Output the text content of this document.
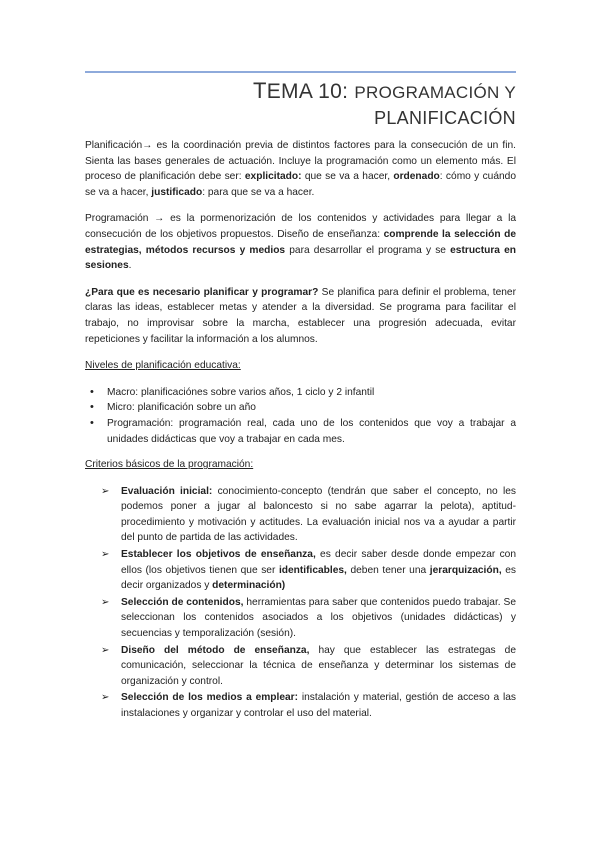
TEMA 10: PROGRAMACIÓN Y
PLANIFICACIÓN

Planificación→ es la coordinación previa de distintos factores para la consecución de un fin. Sienta las bases generales de actuación. Incluye la programación como un elemento más. El proceso de planificación debe ser: explicitado: que se va a hacer, ordenado: cómo y cuándo se va a hacer, justificado: para que se va a hacer.

Programación → es la pormenorización de los contenidos y actividades para llegar a la consecución de los objetivos propuestos. Diseño de enseñanza: comprende la selección de estrategias, métodos recursos y medios para desarrollar el programa y se estructura en sesiones.

¿Para que es necesario planificar y programar? Se planifica para definir el problema, tener claras las ideas, establecer metas y atender a la diversidad. Se programa para facilitar el trabajo, no improvisar sobre la marcha, establecer una progresión adecuada, evitar repeticiones y facilitar la información a los alumnos.

Niveles de planificación educativa:
• Macro: planificaciónes sobre varios años, 1 ciclo y 2 infantil
• Micro: planificación sobre un año
• Programación: programación real, cada uno de los contenidos que voy a trabajar a unidades didácticas que voy a trabajar en cada mes.
Criterios básicos de la programación:
➢ Evaluación inicial: conocimiento-concepto (tendrán que saber el concepto, no les podemos poner a jugar al baloncesto si no sabe agarrar la pelota), aptitud-procedimiento y motivación y actitudes. La evaluación inicial nos va a ayudar a partir del punto de partida de las actividades.
➢ Establecer los objetivos de enseñanza, es decir saber desde donde empezar con ellos (los objetivos tienen que ser identificables, deben tener una jerarquización, es decir organizados y determinación)
➢ Selección de contenidos, herramientas para saber que contenidos puedo trabajar. Se seleccionan los contenidos asociados a los objetivos (unidades didácticas) y secuencias y temporalización (sesión).
➢ Diseño del método de enseñanza, hay que establecer las estrategas de comunicación, seleccionar la técnica de enseñanza y determinar los sistemas de organización y control.
➢ Selección de los medios a emplear: instalación y material, gestión de acceso a las instalaciones y organizar y controlar el uso del material.
